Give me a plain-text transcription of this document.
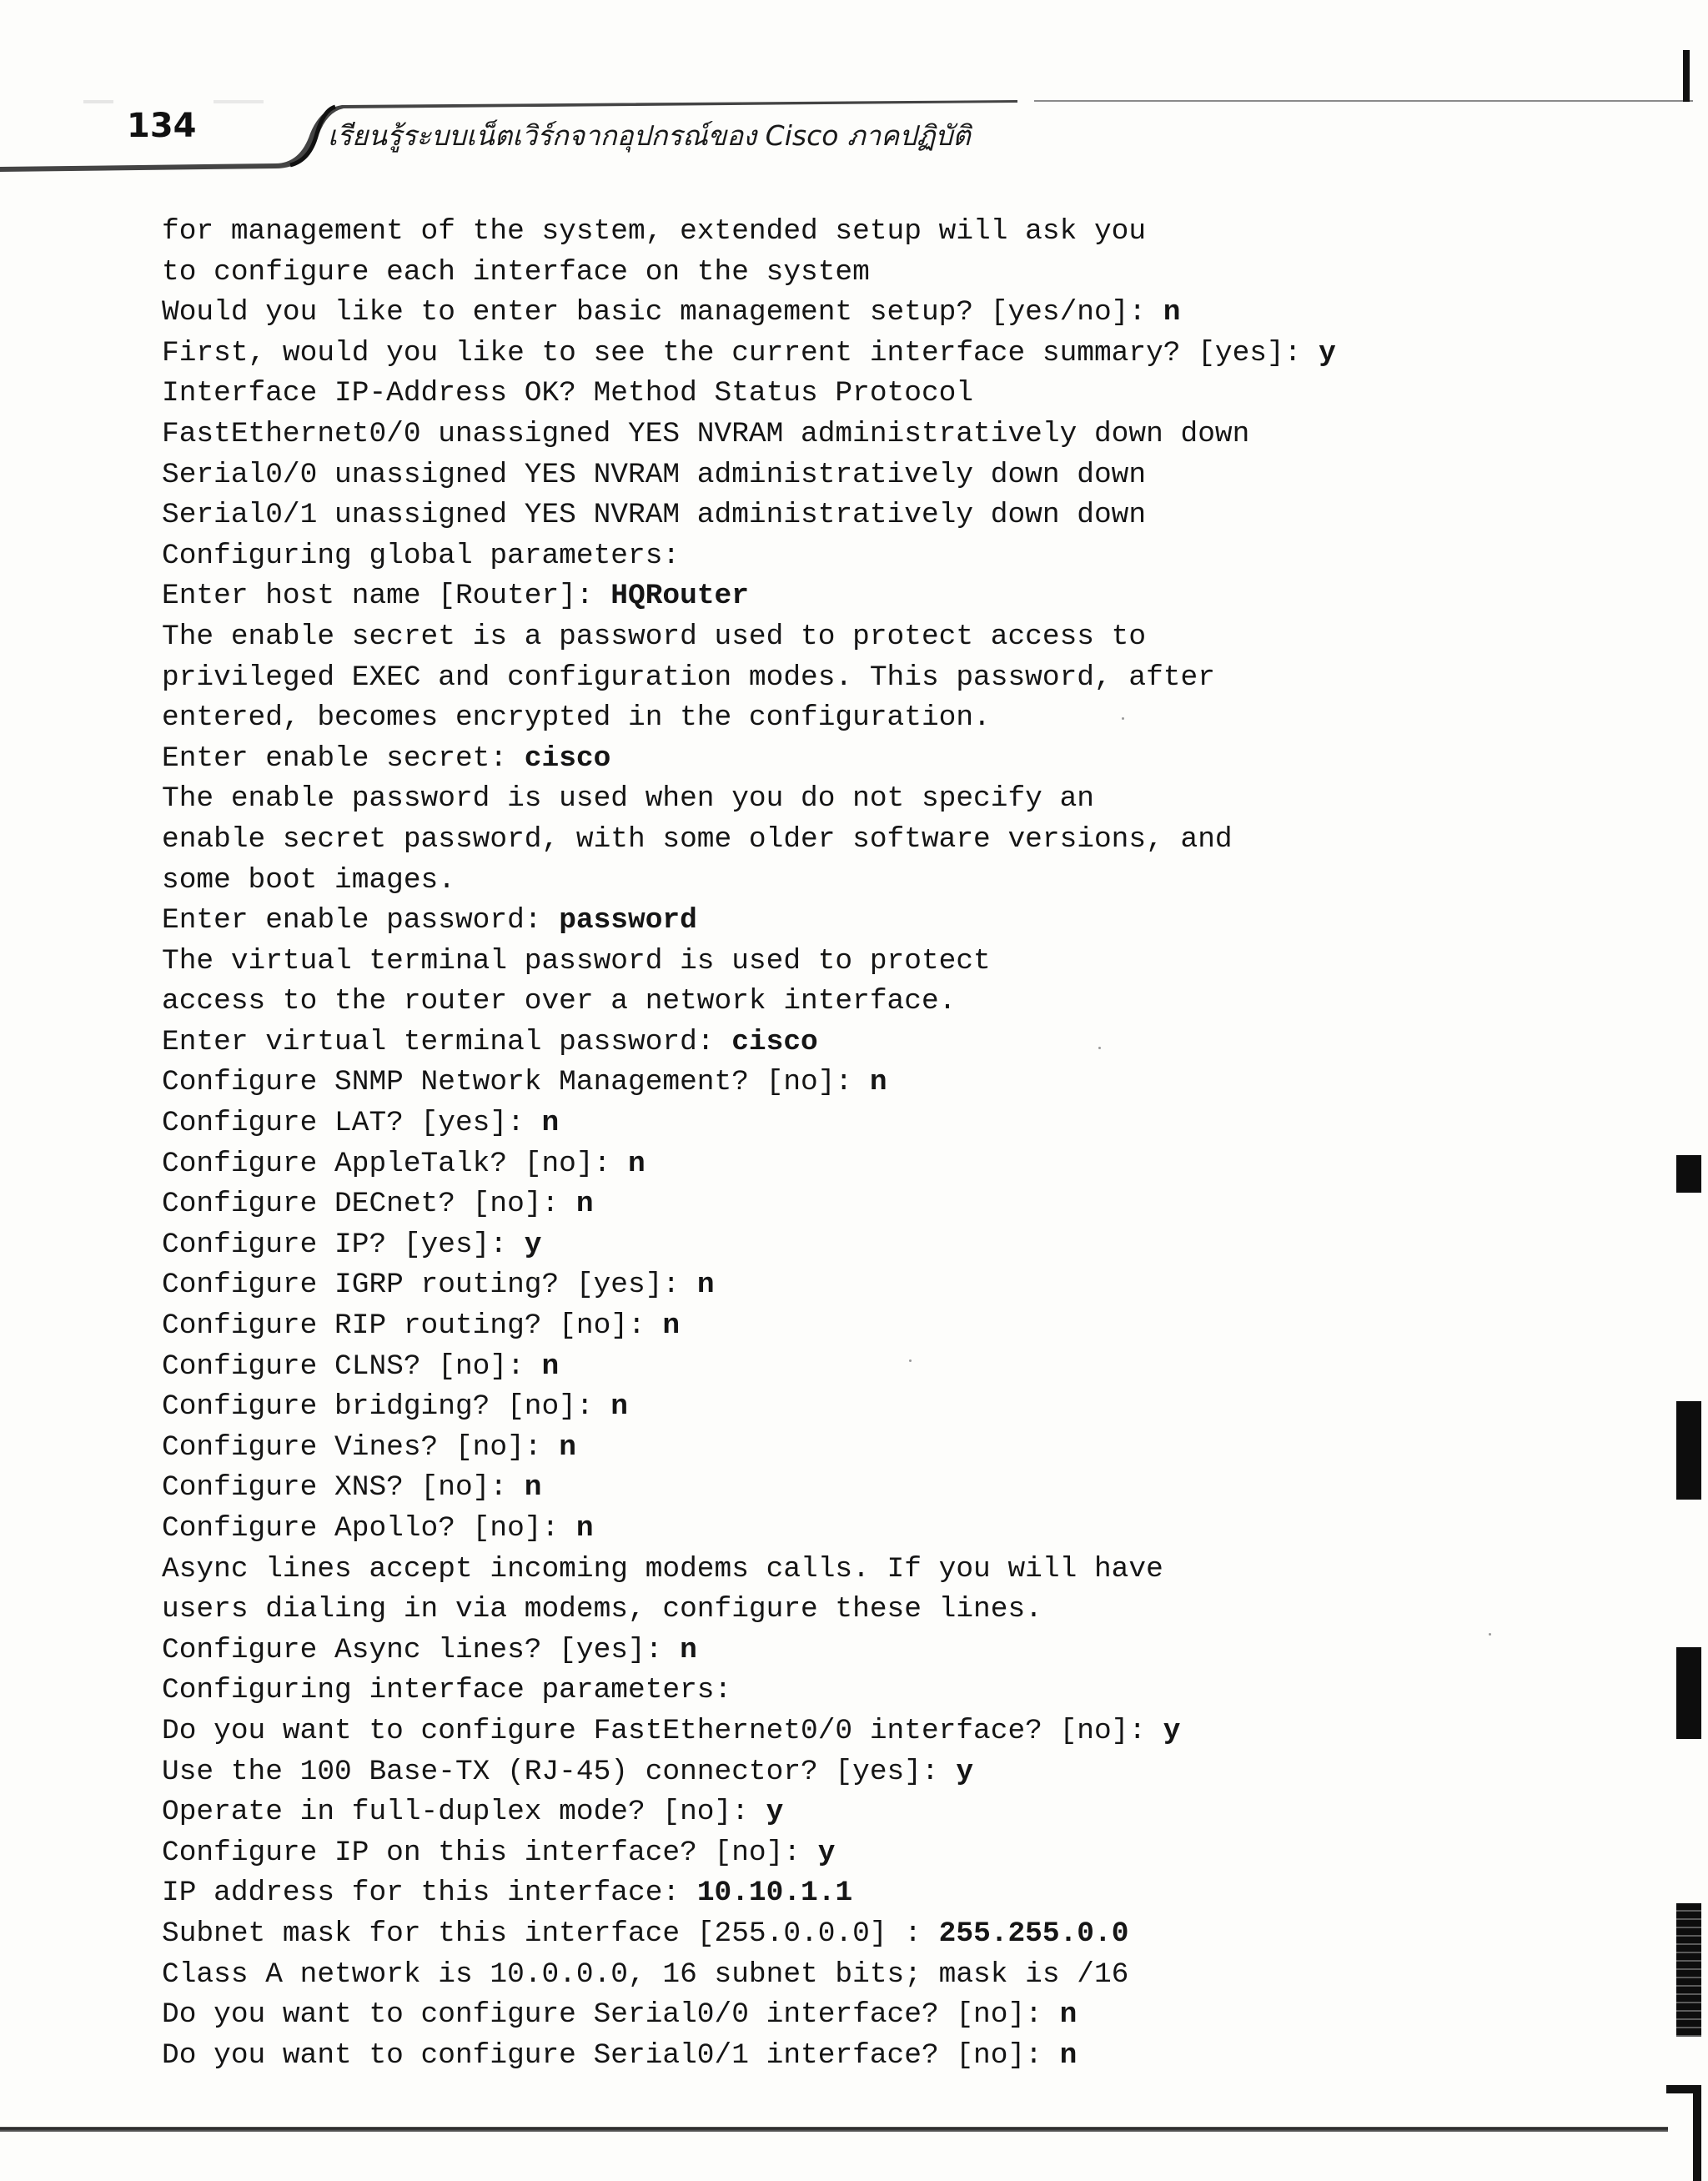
134	เรียนรู้ระบบเน็ตเวิร์กจากอุปกรณ์ของ Cisco ภาคปฏิบัติ
for management of the system, extended setup will ask you
to configure each interface on the system
Would you like to enter basic management setup? [yes/no]: n
First, would you like to see the current interface summary? [yes]: y
Interface IP-Address OK? Method Status Protocol
FastEthernet0/0 unassigned YES NVRAM administratively down down
Serial0/0 unassigned YES NVRAM administratively down down
Serial0/1 unassigned YES NVRAM administratively down down
Configuring global parameters:
Enter host name [Router]: HQRouter
The enable secret is a password used to protect access to
privileged EXEC and configuration modes. This password, after
entered, becomes encrypted in the configuration.
Enter enable secret: cisco
The enable password is used when you do not specify an
enable secret password, with some older software versions, and
some boot images.
Enter enable password: password
The virtual terminal password is used to protect
access to the router over a network interface.
Enter virtual terminal password: cisco
Configure SNMP Network Management? [no]: n
Configure LAT? [yes]: n
Configure AppleTalk? [no]: n
Configure DECnet? [no]: n
Configure IP? [yes]: y
Configure IGRP routing? [yes]: n
Configure RIP routing? [no]: n
Configure CLNS? [no]: n
Configure bridging? [no]: n
Configure Vines? [no]: n
Configure XNS? [no]: n
Configure Apollo? [no]: n
Async lines accept incoming modems calls. If you will have
users dialing in via modems, configure these lines.
Configure Async lines? [yes]: n
Configuring interface parameters:
Do you want to configure FastEthernet0/0 interface? [no]: y
Use the 100 Base-TX (RJ-45) connector? [yes]: y
Operate in full-duplex mode? [no]: y
Configure IP on this interface? [no]: y
IP address for this interface: 10.10.1.1
Subnet mask for this interface [255.0.0.0] : 255.255.0.0
Class A network is 10.0.0.0, 16 subnet bits; mask is /16
Do you want to configure Serial0/0 interface? [no]: n
Do you want to configure Serial0/1 interface? [no]: n
